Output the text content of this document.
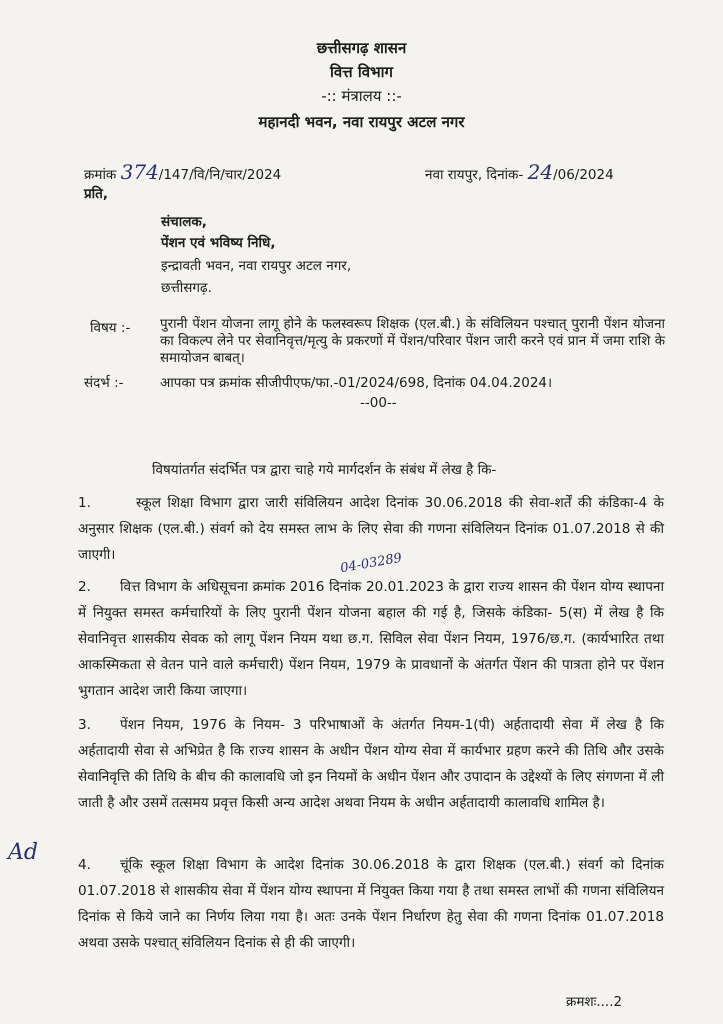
छत्तीसगढ़ शासन
वित्त विभाग
-:: मंत्रालय ::-
महानदी भवन, नवा रायपुर अटल नगर
क्रमांक 374/147/वि/नि/चार/2024	नवा रायपुर, दिनांक- 24/06/2024
प्रति,
संचालक,
पेंशन एवं भविष्य निधि,
इन्द्रावती भवन, नवा रायपुर अटल नगर,
छत्तीसगढ़.
विषय :- पुरानी पेंशन योजना लागू होने के फलस्वरूप शिक्षक (एल.बी.) के संविलियन पश्चात् पुरानी पेंशन योजना का विकल्प लेने पर सेवानिवृत्त/मृत्यु के प्रकरणों में पेंशन/परिवार पेंशन जारी करने एवं प्रान में जमा राशि के समायोजन बाबत्।
संदर्भ :-	आपका पत्र क्रमांक सीजीपीएफ/फा.-01/2024/698, दिनांक 04.04.2024।
--00--
विषयांतर्गत संदर्भित पत्र द्वारा चाहे गये मार्गदर्शन के संबंध में लेख है कि-

1.	स्कूल शिक्षा विभाग द्वारा जारी संविलियन आदेश दिनांक 30.06.2018 की सेवा-शर्तें की कंडिका-4 के अनुसार शिक्षक (एल.बी.) संवर्ग को देय समस्त लाभ के लिए सेवा की गणना संविलियन दिनांक 01.07.2018 से की जाएगी।

2. वित्त विभाग के अधिसूचना क्रमांक 2016 दिनांक 20.01.2023 के द्वारा राज्य शासन की पेंशन योग्य स्थापना में नियुक्त समस्त कर्मचारियों के लिए पुरानी पेंशन योजना बहाल की गई है, जिसके कंडिका- 5(स) में लेख है कि सेवानिवृत्त शासकीय सेवक को लागू पेंशन नियम यथा छ.ग. सिविल सेवा पेंशन नियम, 1976/छ.ग. (कार्यभारित तथा आकस्मिकता से वेतन पाने वाले कर्मचारी) पेंशन नियम, 1979 के प्रावधानों के अंतर्गत पेंशन की पात्रता होने पर पेंशन भुगतान आदेश जारी किया जाएगा।

04-03289

3. पेंशन नियम, 1976 के नियम- 3 परिभाषाओं के अंतर्गत नियम-1(पी) अर्हतादायी सेवा में लेख है कि अर्हतादायी सेवा से अभिप्रेत है कि राज्य शासन के अधीन पेंशन योग्य सेवा में कार्यभार ग्रहण करने की तिथि और उसके सेवानिवृत्ति की तिथि के बीच की कालावधि जो इन नियमों के अधीन पेंशन और उपादान के उद्देश्यों के लिए संगणना में ली जाती है और उसमें तत्समय प्रवृत्त किसी अन्य आदेश अथवा नियम के अधीन अर्हतादायी कालावधि शामिल है।

4. चूंकि स्कूल शिक्षा विभाग के आदेश दिनांक 30.06.2018 के द्वारा शिक्षक (एल.बी.) संवर्ग को दिनांक 01.07.2018 से शासकीय सेवा में पेंशन योग्य स्थापना में नियुक्त किया गया है तथा समस्त लाभों की गणना संविलियन दिनांक से किये जाने का निर्णय लिया गया है। अतः उनके पेंशन निर्धारण हेतु सेवा की गणना दिनांक 01.07.2018 अथवा उसके पश्चात् संविलियन दिनांक से ही की जाएगी।

Ad
क्रमशः....2
